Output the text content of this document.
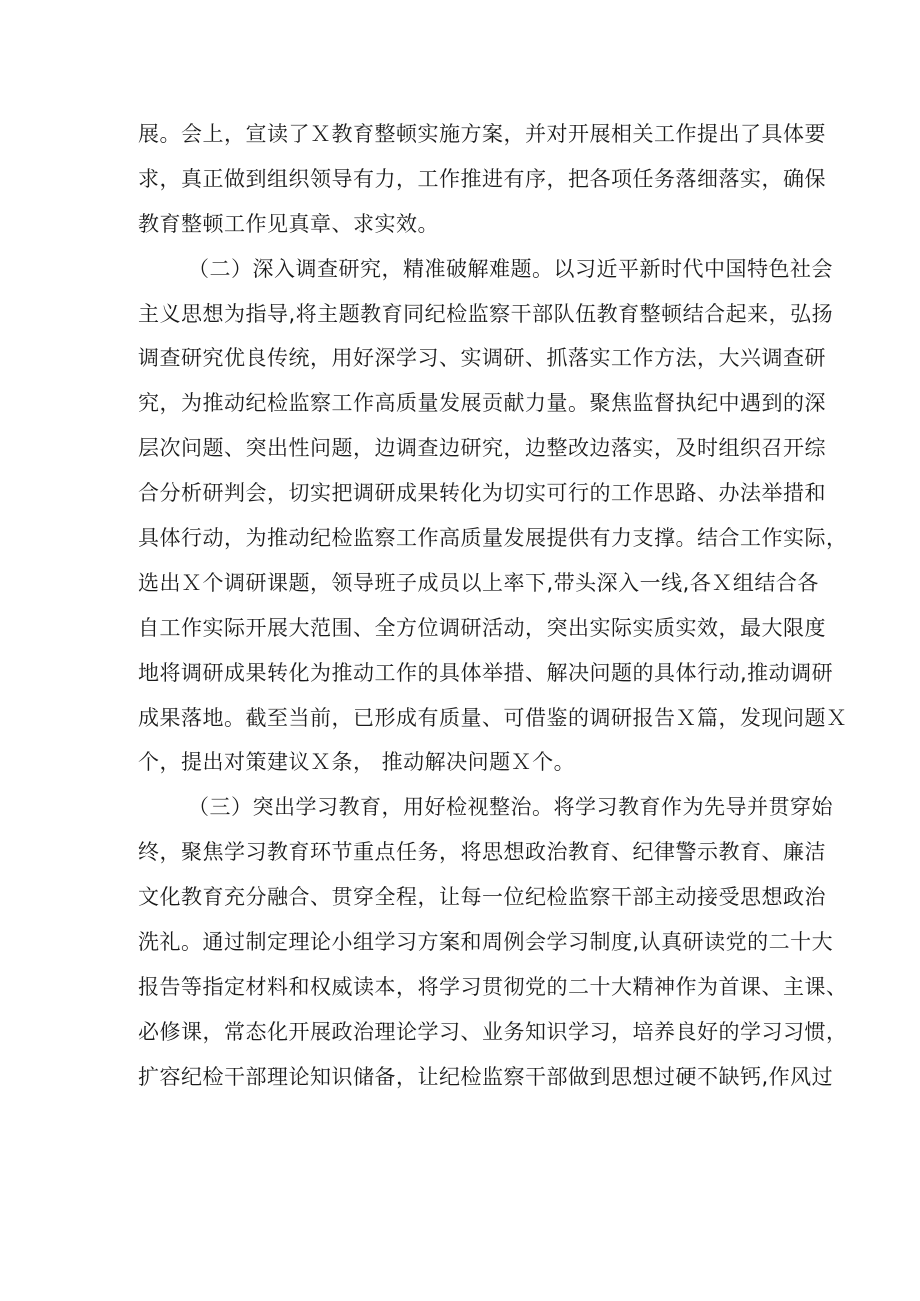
展。会上，宣读了Ｘ教育整顿实施方案，并对开展相关工作提出了具体要
求，真正做到组织领导有力，工作推进有序，把各项任务落细落实，确保
教育整顿工作见真章、求实效。
（二）深入调查研究，精准破解难题。以习近平新时代中国特色社会
主义思想为指导,将主题教育同纪检监察干部队伍教育整顿结合起来，弘扬
调查研究优良传统，用好深学习、实调研、抓落实工作方法，大兴调查研
究，为推动纪检监察工作高质量发展贡献力量。聚焦监督执纪中遇到的深
层次问题、突出性问题，边调查边研究，边整改边落实，及时组织召开综
合分析研判会，切实把调研成果转化为切实可行的工作思路、办法举措和
具体行动，为推动纪检监察工作高质量发展提供有力支撑。结合工作实际，
选出Ｘ个调研课题，领导班子成员以上率下,带头深入一线,各Ｘ组结合各
自工作实际开展大范围、全方位调研活动，突出实际实质实效，最大限度
地将调研成果转化为推动工作的具体举措、解决问题的具体行动,推动调研
成果落地。截至当前，已形成有质量、可借鉴的调研报告Ｘ篇，发现问题Ｘ
个，提出对策建议Ｘ条， 推动解决问题Ｘ个。
（三）突出学习教育，用好检视整治。将学习教育作为先导并贯穿始
终，聚焦学习教育环节重点任务，将思想政治教育、纪律警示教育、廉洁
文化教育充分融合、贯穿全程，让每一位纪检监察干部主动接受思想政治
洗礼。通过制定理论小组学习方案和周例会学习制度,认真研读党的二十大
报告等指定材料和权威读本，将学习贯彻党的二十大精神作为首课、主课、
必修课，常态化开展政治理论学习、业务知识学习，培养良好的学习习惯，
扩容纪检干部理论知识储备，让纪检监察干部做到思想过硬不缺钙,作风过
